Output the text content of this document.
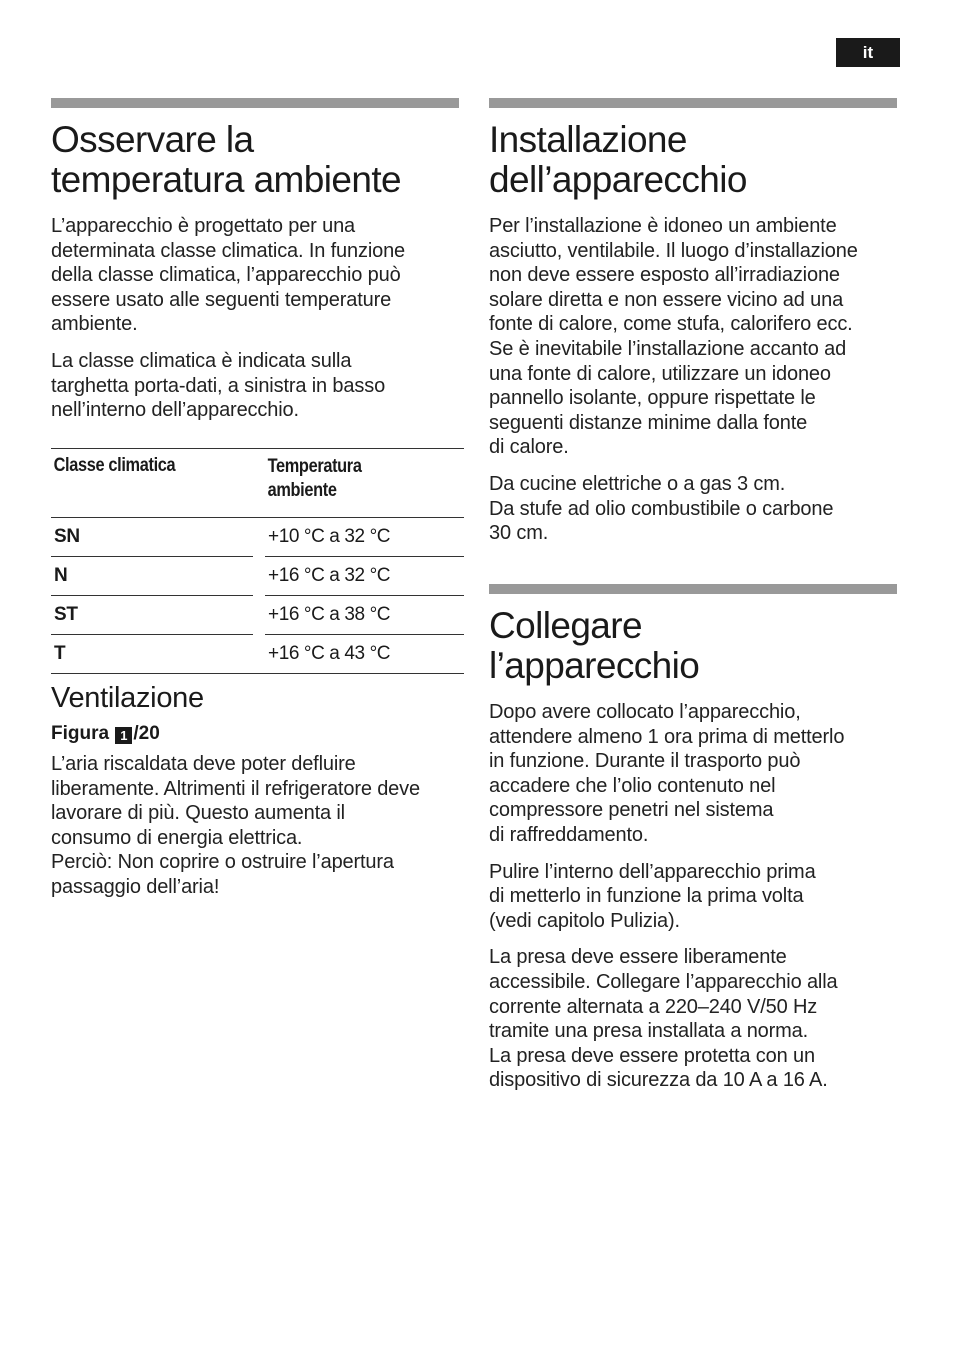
it
Osservare la
temperatura ambiente

L’apparecchio è progettato per una
determinata classe climatica. In funzione
della classe climatica, l’apparecchio può
essere usato alle seguenti temperature
ambiente.

La classe climatica è indicata sulla
targhetta porta-dati, a sinistra in basso
nell’interno dell’apparecchio.

Classe climatica		Temperatura
ambiente
SN		+10 °C a 32 °C
N		+16 °C a 32 °C
ST		+16 °C a 38 °C
T		+16 °C a 43 °C
Ventilazione
Figura 1 /20

L’aria riscaldata deve poter defluire
liberamente. Altrimenti il refrigeratore deve
lavorare di più. Questo aumenta il
consumo di energia elettrica.
Perciò: Non coprire o ostruire l’apertura
passaggio dell’aria!

Installazione
dell’apparecchio

Per l’installazione è idoneo un ambiente
asciutto, ventilabile. Il luogo d’installazione
non deve essere esposto all’irradiazione
solare diretta e non essere vicino ad una
fonte di calore, come stufa, calorifero ecc.
Se è inevitabile l’installazione accanto ad
una fonte di calore, utilizzare un idoneo
pannello isolante, oppure rispettate le
seguenti distanze minime dalla fonte
di calore.

Da cucine elettriche o a gas 3 cm.
Da stufe ad olio combustibile o carbone
30 cm.

Collegare
l’apparecchio

Dopo avere collocato l’apparecchio,
attendere almeno 1 ora prima di metterlo
in funzione. Durante il trasporto può
accadere che l’olio contenuto nel
compressore penetri nel sistema
di raffreddamento.

Pulire l’interno dell’apparecchio prima
di metterlo in funzione la prima volta
(vedi capitolo Pulizia).

La presa deve essere liberamente
accessibile. Collegare l’apparecchio alla
corrente alternata a 220–240 V/50 Hz
tramite una presa installata a norma.
La presa deve essere protetta con un
dispositivo di sicurezza da 10 A a 16 A.
